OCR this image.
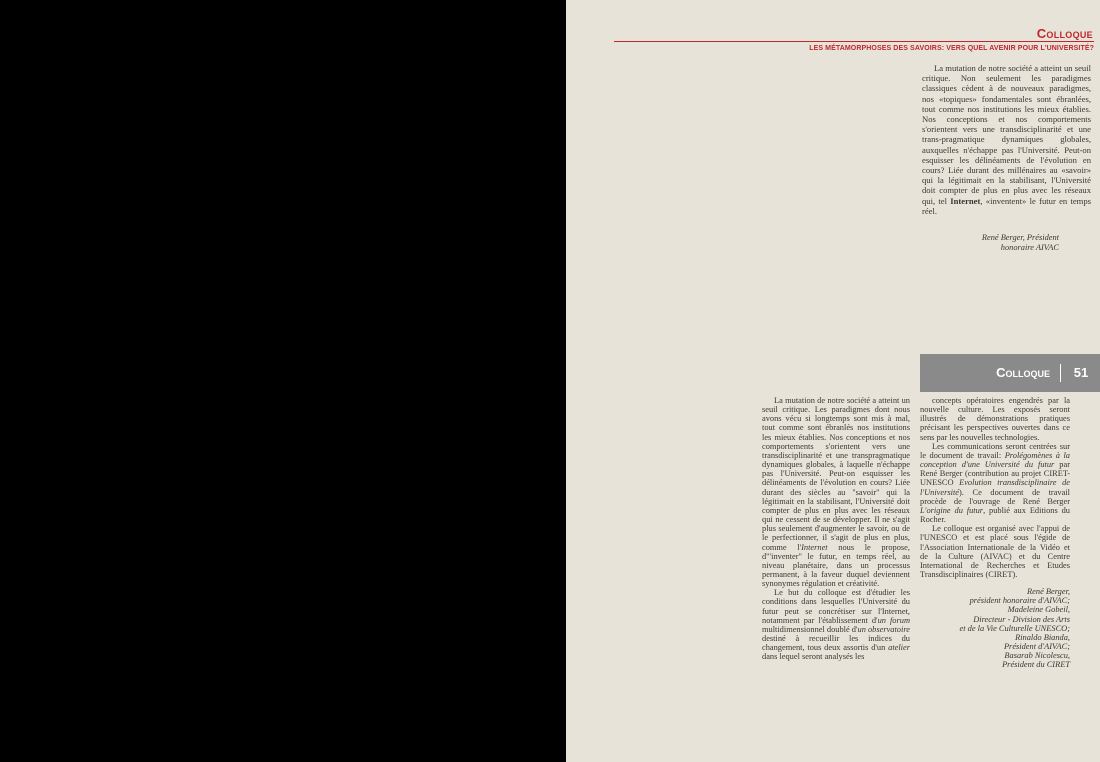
Colloque
LES MÉTAMORPHOSES DES SAVOIRS: VERS QUEL AVENIR POUR L'UNIVERSITÉ?
La mutation de notre société a atteint un seuil critique. Non seulement les paradigmes classiques cèdent à de nouveaux paradigmes, nos «topiques» fondamentales sont ébranlées, tout comme nos institutions les mieux établies. Nos conceptions et nos comportements s'orientent vers une transdisciplinarité et une trans-pragmatique dynamiques globales, auxquelles n'échappe pas l'Université. Peut-on esquisser les délinéaments de l'évolution en cours? Liée durant des millénaires au «savoir» qui la légitimait en la stabilisant, l'Université doit compter de plus en plus avec les réseaux qui, tel Internet, «inventent» le futur en temps réel.
René Berger, Président
honoraire AIVAC
Colloque	51

La mutation de notre société a atteint un seuil critique. Les paradigmes dont nous avons vécu si longtemps sont mis à mal, tout comme sont ébranlés nos institutions les mieux établies. Nos conceptions et nos comportements s'orientent vers une transdisciplinarité et une transpragmatique dynamiques globales, à laquelle n'échappe pas l'Université. Peut-on esquisser les délinéaments de l'évolution en cours? Liée durant des siècles au "savoir" qui la légitimait en la stabilisant, l'Université doit compter de plus en plus avec les réseaux qui ne cessent de se développer. Il ne s'agit plus seulement d'augmenter le savoir, ou de le perfectionner, il s'agit de plus en plus, comme l'Internet nous le propose, d'"inventer" le futur, en temps réel, au niveau planétaire, dans un processus permanent, à la faveur duquel deviennent synonymes régulation et créativité.

Le but du colloque est d'étudier les conditions dans lesquelles l'Université du futur peut se concrétiser sur l'Internet, notamment par l'établissement d'un forum multidimensionnel doublé d'un observatoire destiné à recueillir les indices du changement, tous deux assortis d'un atelier dans lequel seront analysés les

concepts opératoires engendrés par la nouvelle culture. Les exposés seront illustrés de démonstrations pratiques précisant les perspectives ouvertes dans ce sens par les nouvelles technologies.

Les communications seront centrées sur le document de travail: Prolégomènes à la conception d'une Université du futur par René Berger (contribution au projet CIRET-UNESCO Evolution transdisciplinaire de l'Université). Ce document de travail procède de l'ouvrage de René Berger L'origine du futur, publié aux Editions du Rocher.

Le colloque est organisé avec l'appui de l'UNESCO et est placé sous l'égide de l'Association Internationale de la Vidéo et de la Culture (AIVAC) et du Centre International de Recherches et Etudes Transdisciplinaires (CIRET).

René Berger,
président honoraire d'AIVAC;
Madeleine Gobeil,
Directeur - Division des Arts
et de la Vie Culturelle UNESCO;
Rinaldo Bianda,
Président d'AIVAC;
Basarab Nicolescu,
Président du CIRET
